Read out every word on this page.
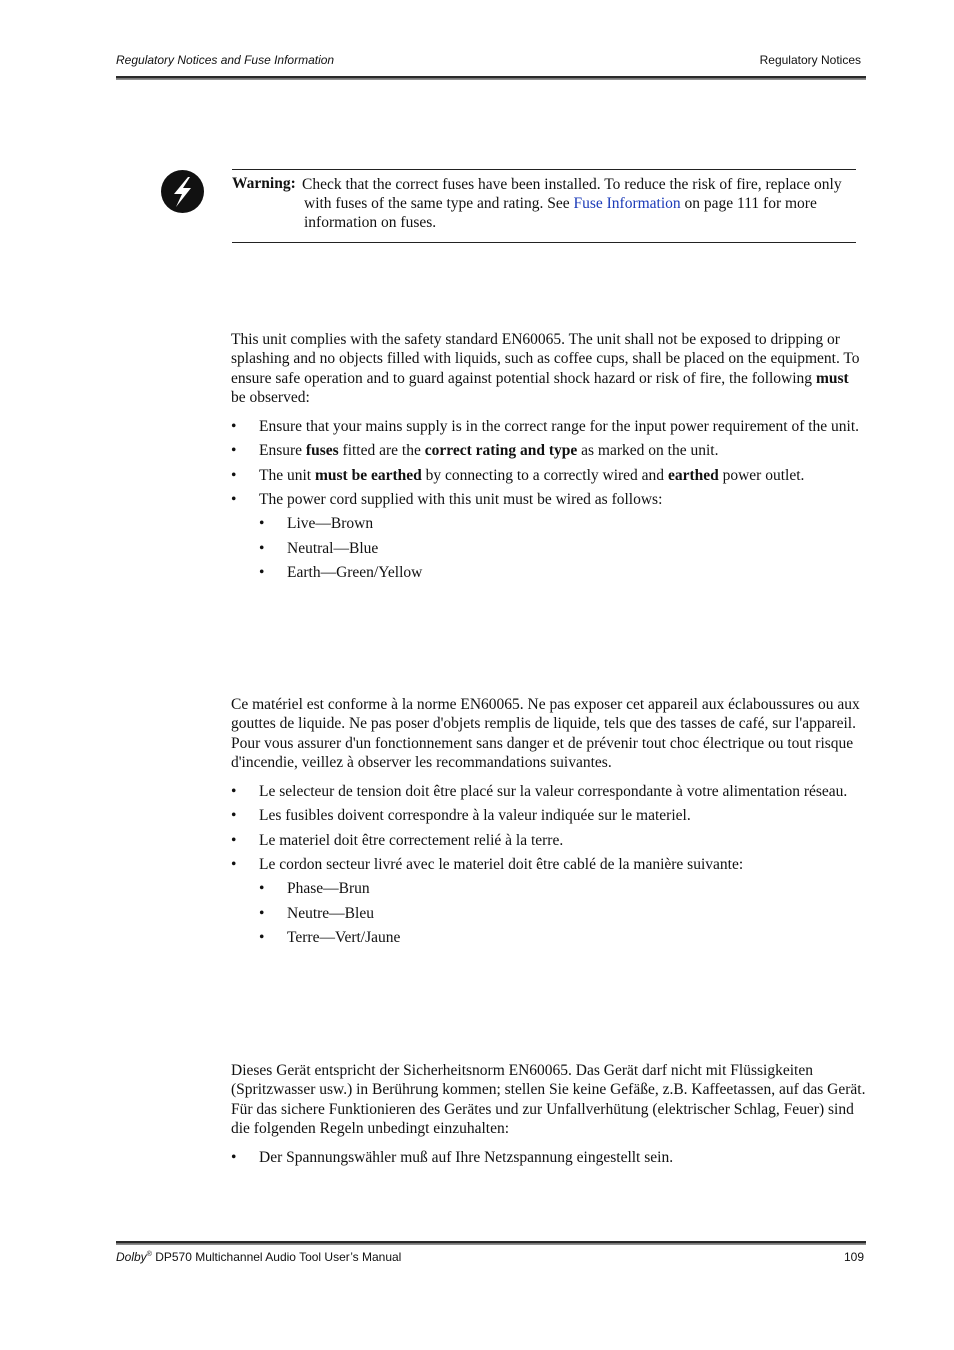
Regulatory Notices and Fuse Information	Regulatory Notices
Warning: Check that the correct fuses have been installed. To reduce the risk of fire, replace only with fuses of the same type and rating. See Fuse Information on page 111 for more information on fuses.

This unit complies with the safety standard EN60065. The unit shall not be exposed to dripping or splashing and no objects filled with liquids, such as coffee cups, shall be placed on the equipment. To ensure safe operation and to guard against potential shock hazard or risk of fire, the following must be observed:

• Ensure that your mains supply is in the correct range for the input power requirement of the unit.
• Ensure fuses fitted are the correct rating and type as marked on the unit.
• The unit must be earthed by connecting to a correctly wired and earthed power outlet.
• The power cord supplied with this unit must be wired as follows:
• Live—Brown
• Neutral—Blue
• Earth—Green/Yellow

Ce matériel est conforme à la norme EN60065. Ne pas exposer cet appareil aux éclaboussures ou aux gouttes de liquide. Ne pas poser d'objets remplis de liquide, tels que des tasses de café, sur l'appareil. Pour vous assurer d'un fonctionnement sans danger et de prévenir tout choc électrique ou tout risque d'incendie, veillez à observer les recommandations suivantes.

• Le selecteur de tension doit être placé sur la valeur correspondante à votre alimentation réseau.
• Les fusibles doivent correspondre à la valeur indiquée sur le materiel.
• Le materiel doit être correctement relié à la terre.
• Le cordon secteur livré avec le materiel doit être cablé de la manière suivante:
• Phase—Brun
• Neutre—Bleu
• Terre—Vert/Jaune

Dieses Gerät entspricht der Sicherheitsnorm EN60065. Das Gerät darf nicht mit Flüssigkeiten (Spritzwasser usw.) in Berührung kommen; stellen Sie keine Gefäße, z.B. Kaffeetassen, auf das Gerät. Für das sichere Funktionieren des Gerätes und zur Unfallverhütung (elektrischer Schlag, Feuer) sind die folgenden Regeln unbedingt einzuhalten:

• Der Spannungswähler muß auf Ihre Netzspannung eingestellt sein.
Dolby® DP570 Multichannel Audio Tool User’s Manual	109
